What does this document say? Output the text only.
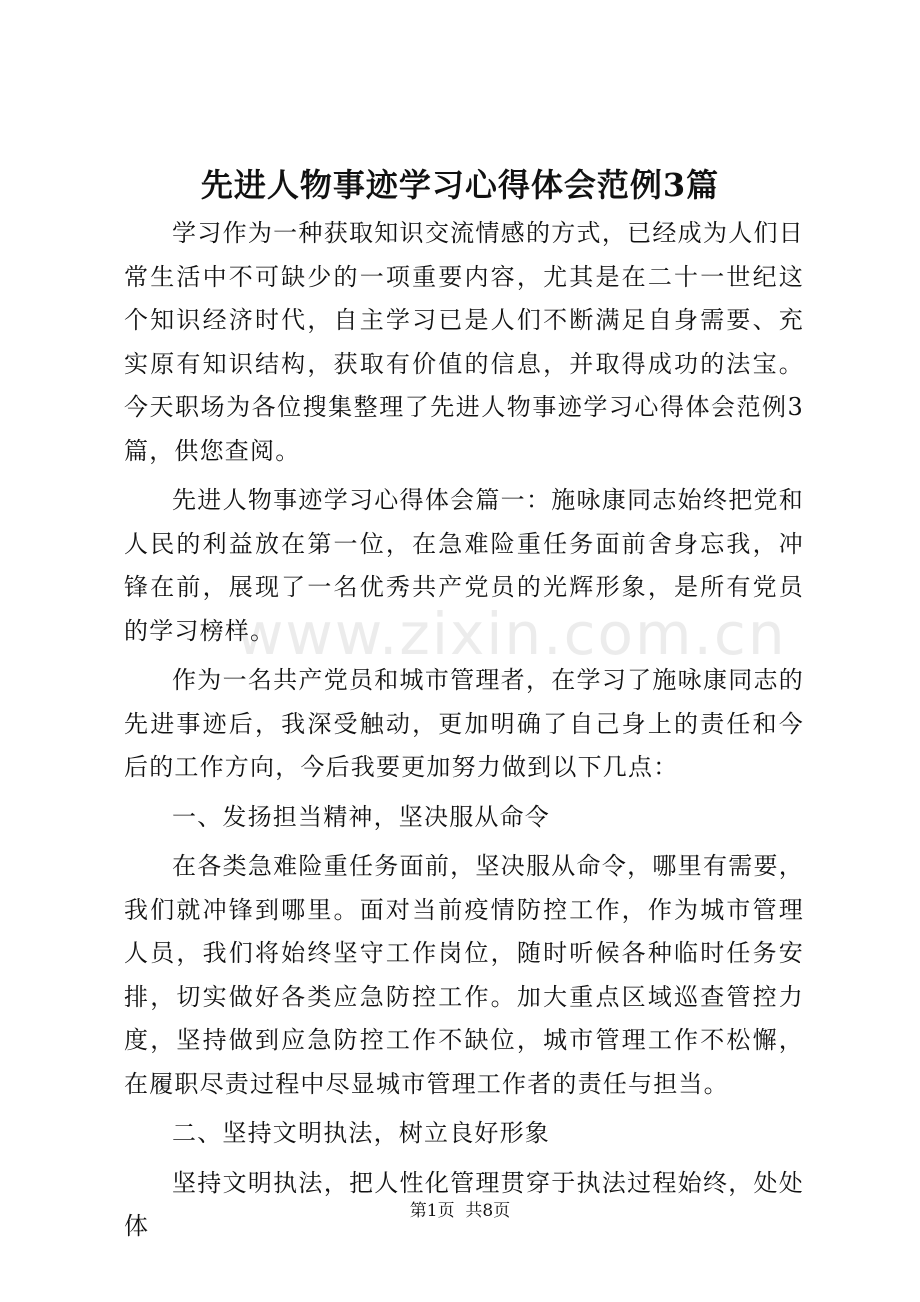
先进人物事迹学习心得体会范例3篇
www.zixin.com.cn

学习作为一种获取知识交流情感的方式，已经成为人们日常生活中不可缺少的一项重要内容，尤其是在二十一世纪这个知识经济时代，自主学习已是人们不断满足自身需要、充实原有知识结构，获取有价值的信息，并取得成功的法宝。今天职场为各位搜集整理了先进人物事迹学习心得体会范例3篇，供您查阅。

先进人物事迹学习心得体会篇一：施咏康同志始终把党和人民的利益放在第一位，在急难险重任务面前舍身忘我，冲锋在前，展现了一名优秀共产党员的光辉形象，是所有党员的学习榜样。

作为一名共产党员和城市管理者，在学习了施咏康同志的先进事迹后，我深受触动，更加明确了自己身上的责任和今后的工作方向，今后我要更加努力做到以下几点：

一、发扬担当精神，坚决服从命令

在各类急难险重任务面前，坚决服从命令，哪里有需要，我们就冲锋到哪里。面对当前疫情防控工作，作为城市管理人员，我们将始终坚守工作岗位，随时听候各种临时任务安排，切实做好各类应急防控工作。加大重点区域巡查管控力度，坚持做到应急防控工作不缺位，城市管理工作不松懈，在履职尽责过程中尽显城市管理工作者的责任与担当。

二、坚持文明执法，树立良好形象

坚持文明执法，把人性化管理贯穿于执法过程始终，处处体

第1页 共8页
